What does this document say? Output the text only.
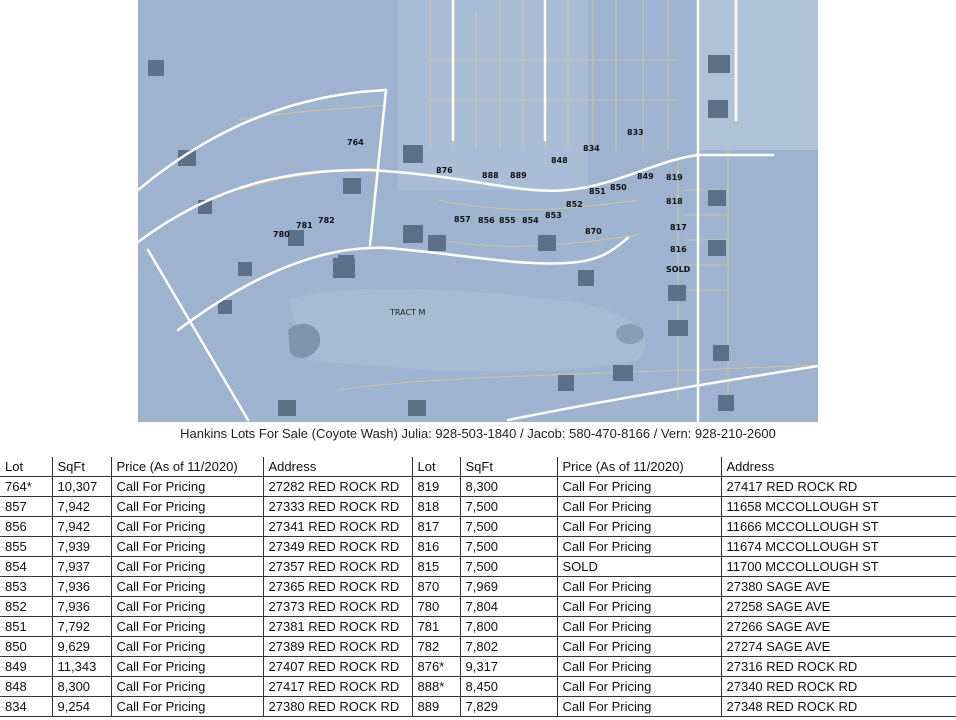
764
876
888 889
848
834
833
851 850
849 819
818
817
816
SOLD
852
853
854
855
856
857
870
782
781
780
TRACT M
Hankins Lots For Sale (Coyote Wash) Julia: 928-503-1840 / Jacob: 580-470-8166 / Vern: 928-210-2600
Lot	SqFt	Price (As of 11/2020)	Address	Lot	SqFt	Price (As of 11/2020)	Address
764*	10,307	Call For Pricing	27282 RED ROCK RD	819	8,300	Call For Pricing	27417 RED ROCK RD
857	7,942	Call For Pricing	27333 RED ROCK RD	818	7,500	Call For Pricing	11658 MCCOLLOUGH ST
856	7,942	Call For Pricing	27341 RED ROCK RD	817	7,500	Call For Pricing	11666 MCCOLLOUGH ST
855	7,939	Call For Pricing	27349 RED ROCK RD	816	7,500	Call For Pricing	11674 MCCOLLOUGH ST
854	7,937	Call For Pricing	27357 RED ROCK RD	815	7,500	SOLD	11700 MCCOLLOUGH ST
853	7,936	Call For Pricing	27365 RED ROCK RD	870	7,969	Call For Pricing	27380 SAGE AVE
852	7,936	Call For Pricing	27373 RED ROCK RD	780	7,804	Call For Pricing	27258 SAGE AVE
851	7,792	Call For Pricing	27381 RED ROCK RD	781	7,800	Call For Pricing	27266 SAGE AVE
850	9,629	Call For Pricing	27389 RED ROCK RD	782	7,802	Call For Pricing	27274 SAGE AVE
849	11,343	Call For Pricing	27407 RED ROCK RD	876*	9,317	Call For Pricing	27316 RED ROCK RD
848	8,300	Call For Pricing	27417 RED ROCK RD	888*	8,450	Call For Pricing	27340 RED ROCK RD
834	9,254	Call For Pricing	27380 RED ROCK RD	889	7,829	Call For Pricing	27348 RED ROCK RD
